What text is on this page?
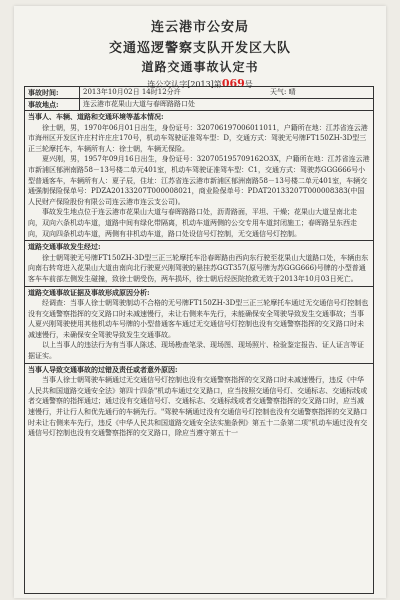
连云港市公安局
交通巡逻警察支队开发区大队
道路交通事故认定书
连公交认字[2013]第069号
事故时间:	2013年10月02日 14时12分许	天气: 晴
事故地点:	连云港市花果山大道与春晖路路口处

当事人、车辆、道路和交通环境等基本情况:

徐士朝，男，1970年06月01日出生，身份证号：320706197006011011，户籍所在地：江苏省连云港市海州区开发区许庄村许庄庄170号，机动车驾驶证准驾车型：D，交通方式：驾驶无号牌FT150ZH-3D型三正三轮摩托车，车辆所有人：徐士朝，车辆无保险。

夏兴刚，男，1957年09月16日出生，身份证号：320705195709162O3X，户籍所在地：江苏省连云港市新浦区郁洲南路58－13号楼二单元401室，机动车驾驶证准驾车型：C1，交通方式：驾驶苏GGG666号小型普通客车，车辆所有人：夏子辰，住址：江苏省连云港市新浦区郁洲南路58－13号楼二单元401室，车辆交通强制保险保单号：PDZA20133207T000008021，商业险保单号：PDAT20133207T000008383(中国人民财产保险股份有限公司连云港市连云支公司)。

事故发生地点位于连云港市花果山大道与春晖路路口处，沥青路面，平坦、干燥；花果山大道呈南北走向，双向六条机动车道，道路中间有绿化带隔离，机动车道两侧的公交专用车道封闭施工；春晖路呈东西走向，双向四条机动车道，两侧有非机动车道，路口处设信号灯控制，无交通信号灯控制。

道路交通事故发生经过:

徐士朝驾驶无号牌FT150ZH-3D型三正三轮摩托车沿春晖路由西向东行驶至花果山大道路口处，车辆由东向南右转弯进入花果山大道由南向北行驶夏兴刚驾驶的悬挂苏GGT357(原号牌为苏GGG666)号牌的小型普通客车车前部左侧发生碰撞，致徐士朝受伤，两车损坏，徐士朝后经医院抢救无效于2013年10月03日死亡。

道路交通事故证据及事故形成原因分析:

经调查：当事人徐士朝驾驶制动不合格的无号牌FT150ZH-3D型三正三轮摩托车通过无交通信号灯控制也没有交通警察指挥的交叉路口时未减速慢行，未让右侧来车先行，未能确保安全驾驶导致发生交通事故；当事人夏兴刚驾驶使用其他机动车号牌的小型普通客车通过无交通信号灯控制也没有交通警察指挥的交叉路口时未减速慢行，未确保安全驾驶导致发生交通事故。

以上当事人的违法行为有当事人陈述、现场勘查笔录、现场图、现场照片、检验鉴定报告、证人证言等证据证实。

当事人导致交通事故的过错及责任或者意外原因:

当事人徐士朝驾驶车辆通过无交通信号灯控制也没有交通警察指挥的交叉路口时未减速慢行，违反《中华人民共和国道路交通安全法》第四十四条"机动车通过交叉路口，应当按照交通信号灯、交通标志、交通标线或者交通警察的指挥通过；通过没有交通信号灯、交通标志、交通标线或者交通警察指挥的交叉路口时，应当减速慢行，并让行人和优先通行的车辆先行。"驾驶车辆通过没有交通信号灯控制也没有交通警察指挥的交叉路口时未让右侧来车先行，违反《中华人民共和国道路交通安全法实施条例》第五十二条第二项"机动车通过没有交通信号灯控制也没有交通警察指挥的交叉路口，除应当遵守第五十一
